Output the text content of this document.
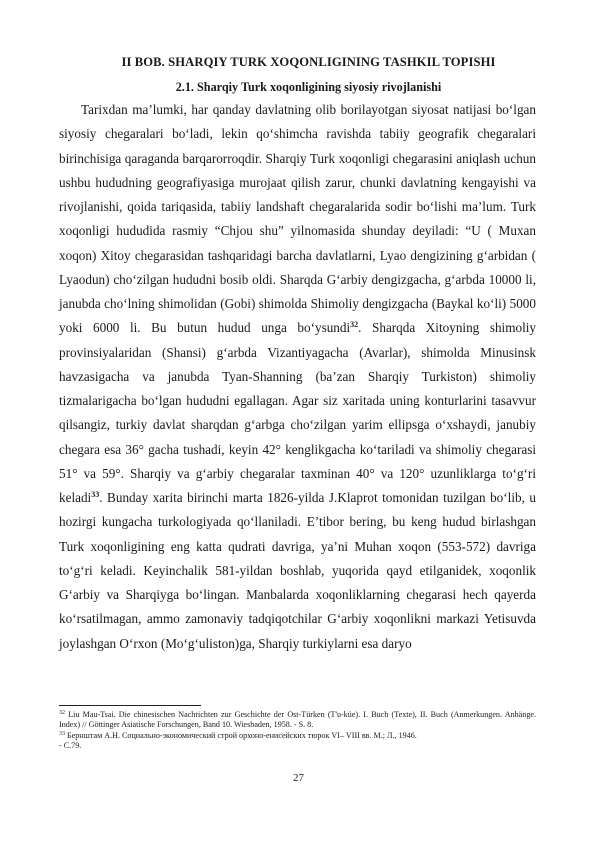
II BOB. SHARQIY TURK XOQONLIGINING TASHKIL TOPISHI
2.1. Sharqiy Turk xoqonligining siyosiy rivojlanishi

Tarixdan ma’lumki, har qanday davlatning olib borilayotgan siyosat natijasi bo‘lgan siyosiy chegaralari bo‘ladi, lekin qo‘shimcha ravishda tabiiy geografik chegaralari birinchisiga qaraganda barqarorroqdir. Sharqiy Turk xoqonligi chegarasini aniqlash uchun ushbu hududning geografiyasiga murojaat qilish zarur, chunki davlatning kengayishi va rivojlanishi, qoida tariqasida, tabiiy landshaft chegaralarida sodir bo‘lishi ma’lum. Turk xoqonligi hududida rasmiy “Chjou shu” yilnomasida shunday deyiladi: “U ( Muxan xoqon) Xitoy chegarasidan tashqaridagi barcha davlatlarni, Lyao dengizining g‘arbidan ( Lyaodun) cho‘zilgan hududni bosib oldi. Sharqda G‘arbiy dengizgacha, g‘arbda 10000 li, janubda cho‘lning shimolidan (Gobi) shimolda Shimoliy dengizgacha (Baykal ko‘li) 5000 yoki 6000 li. Bu butun hudud unga bo‘ysundi$^{32}$. Sharqda Xitoyning shimoliy provinsiyalaridan (Shansi) g‘arbda Vizantiyagacha (Avarlar), shimolda Minusinsk havzasigacha va janubda Tyan-Shanning (ba’zan Sharqiy Turkiston) shimoliy tizmalarigacha bo‘lgan hududni egallagan. Agar siz xaritada uning konturlarini tasavvur qilsangiz, turkiy davlat sharqdan g‘arbga cho‘zilgan yarim ellipsga o‘xshaydi, janubiy chegara esa 36° gacha tushadi, keyin 42° kenglikgacha ko‘tariladi va shimoliy chegarasi 51° va 59°. Sharqiy va g‘arbiy chegaralar taxminan 40° va 120° uzunliklarga to‘g‘ri keladi$^{33}$. Bunday xarita birinchi marta 1826-yilda J.Klaprot tomonidan tuzilgan bo‘lib, u hozirgi kungacha turkologiyada qo‘llaniladi. E’tibor bering, bu keng hudud birlashgan Turk xoqonligining eng katta qudrati davriga, ya’ni Muhan xoqon (553-572) davriga to‘g‘ri keladi. Keyinchalik 581-yildan boshlab, yuqorida qayd etilganidek, xoqonlik G‘arbiy va Sharqiyga bo‘lingan. Manbalarda xoqonliklarning chegarasi hech qayerda ko‘rsatilmagan, ammo zamonaviy tadqiqotchilar G‘arbiy xoqonlikni markazi Yetisuvda joylashgan O‘rxon (Mo‘g‘uliston)ga, Sharqiy turkiylarni esa daryo

$^{32}$ Liu Mau-Tsai. Die chinesischen Nachrichten zur Geschichte der Ost-Türken (T'u-küe). I. Buch (Texte), II. Buch (Anmerkungen. Anhänge. Index) // Göttinger Asiatische Forschungen, Band 10. Wiesbaden, 1958. - S. 8.

$^{33}$ Бернштам А.Н. Социально-экономический строй орхоно-енисейских тюрок VI– VIII вв. М.; Л., 1946.

- С.79.

27
